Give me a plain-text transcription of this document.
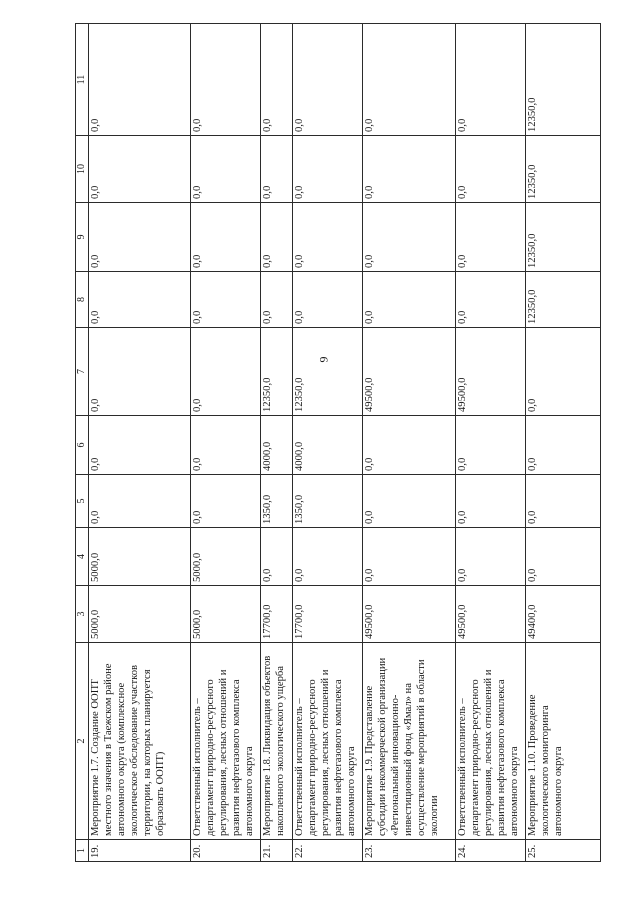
9
1	2	3	4	5	6	7	8	9	10	11
19.	Мероприятие 1.7. Создание ООПТ местного значения в Таежском районе автономного округа (комплексное экологическое обследование участков территории, на которых планируется образовать ООПТ)	5000,0	5000,0	0,0	0,0	0,0	0,0	0,0	0,0	0,0
20.	Ответственный исполнитель – департамент природно-ресурсного регулирования, лесных отношений и развития нефтегазового комплекса автономного округа	5000,0	5000,0	0,0	0,0	0,0	0,0	0,0	0,0	0,0
21.	Мероприятие 1.8. Ликвидация объектов накопленного экологического ущерба	17700,0	0,0	1350,0	4000,0	12350,0	0,0	0,0	0,0	0,0
22.	Ответственный исполнитель – департамент природно-ресурсного регулирования, лесных отношений и развития нефтегазового комплекса автономного округа	17700,0	0,0	1350,0	4000,0	12350,0	0,0	0,0	0,0	0,0
23.	Мероприятие 1.9. Представление субсидии некоммерческой организации «Региональный инновационно-инвестиционный фонд «Ямал» на осуществление мероприятий в области экологии	49500,0	0,0	0,0	0,0	49500,0	0,0	0,0	0,0	0,0
24.	Ответственный исполнитель – департамент природно-ресурсного регулирования, лесных отношений и развития нефтегазового комплекса автономного округа	49500,0	0,0	0,0	0,0	49500,0	0,0	0,0	0,0	0,0
25.	Мероприятие 1.10. Проведение экологического мониторинга автономного округа	49400,0	0,0	0,0	0,0	0,0	12350,0	12350,0	12350,0	12350,0
